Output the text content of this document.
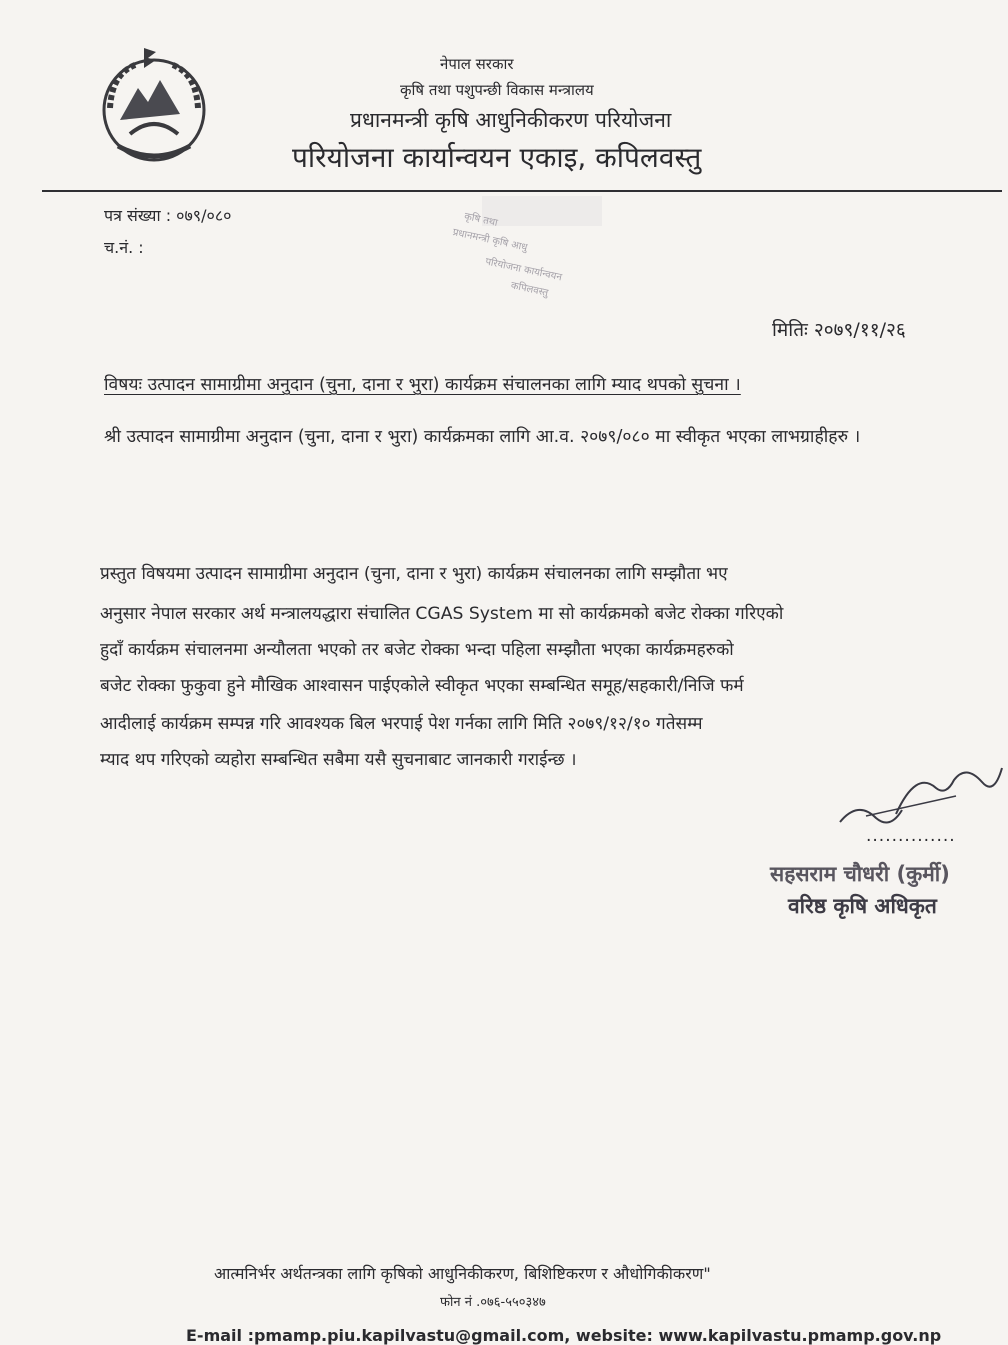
नेपाल सरकार
कृषि तथा पशुपन्छी विकास मन्त्रालय
प्रधानमन्त्री कृषि आधुनिकीकरण परियोजना
परियोजना कार्यान्वयन एकाइ, कपिलवस्तु
पत्र संख्या : ०७९/०८०
च.नं. :
कृषि तथा
प्रधानमन्त्री कृषि आधु
परियोजना कार्यान्वयन
कपिलवस्तु
मितिः २०७९/११/२६
विषयः उत्पादन सामाग्रीमा अनुदान (चुना, दाना र भुरा) कार्यक्रम संचालनका लागि म्याद थपको सुचना ।
श्री उत्पादन सामाग्रीमा अनुदान (चुना, दाना र भुरा) कार्यक्रमका लागि आ.व. २०७९/०८० मा स्वीकृत भएका लाभग्राहीहरु ।
प्रस्तुत विषयमा उत्पादन सामाग्रीमा अनुदान (चुना, दाना र भुरा) कार्यक्रम संचालनका लागि सम्झौता भए
अनुसार नेपाल सरकार अर्थ मन्त्रालयद्धारा संचालित CGAS System मा सो कार्यक्रमको बजेट रोक्का गरिएको
हुदाँ कार्यक्रम संचालनमा अन्यौलता भएको तर बजेट रोक्का भन्दा पहिला सम्झौता भएका कार्यक्रमहरुको
बजेट रोक्का फुकुवा हुने मौखिक आश्वासन पाईएकोले स्वीकृत भएका सम्बन्धित समूह/सहकारी/निजि फर्म
आदीलाई कार्यक्रम सम्पन्न गरि आवश्यक बिल भरपाई पेश गर्नका लागि मिति २०७९/१२/१० गतेसम्म
म्याद थप गरिएको व्यहोरा सम्बन्धित सबैमा यसै सुचनाबाट जानकारी गराईन्छ ।
..............
सहसराम चौधरी (कुर्मी)
वरिष्ठ कृषि अधिकृत
आत्मनिर्भर अर्थतन्त्रका लागि कृषिको आधुनिकीकरण, बिशिष्टिकरण र औधोगिकीकरण"
फोन नं .०७६-५५०३४७
E-mail :pmamp.piu.kapilvastu@gmail.com, website: www.kapilvastu.pmamp.gov.np
